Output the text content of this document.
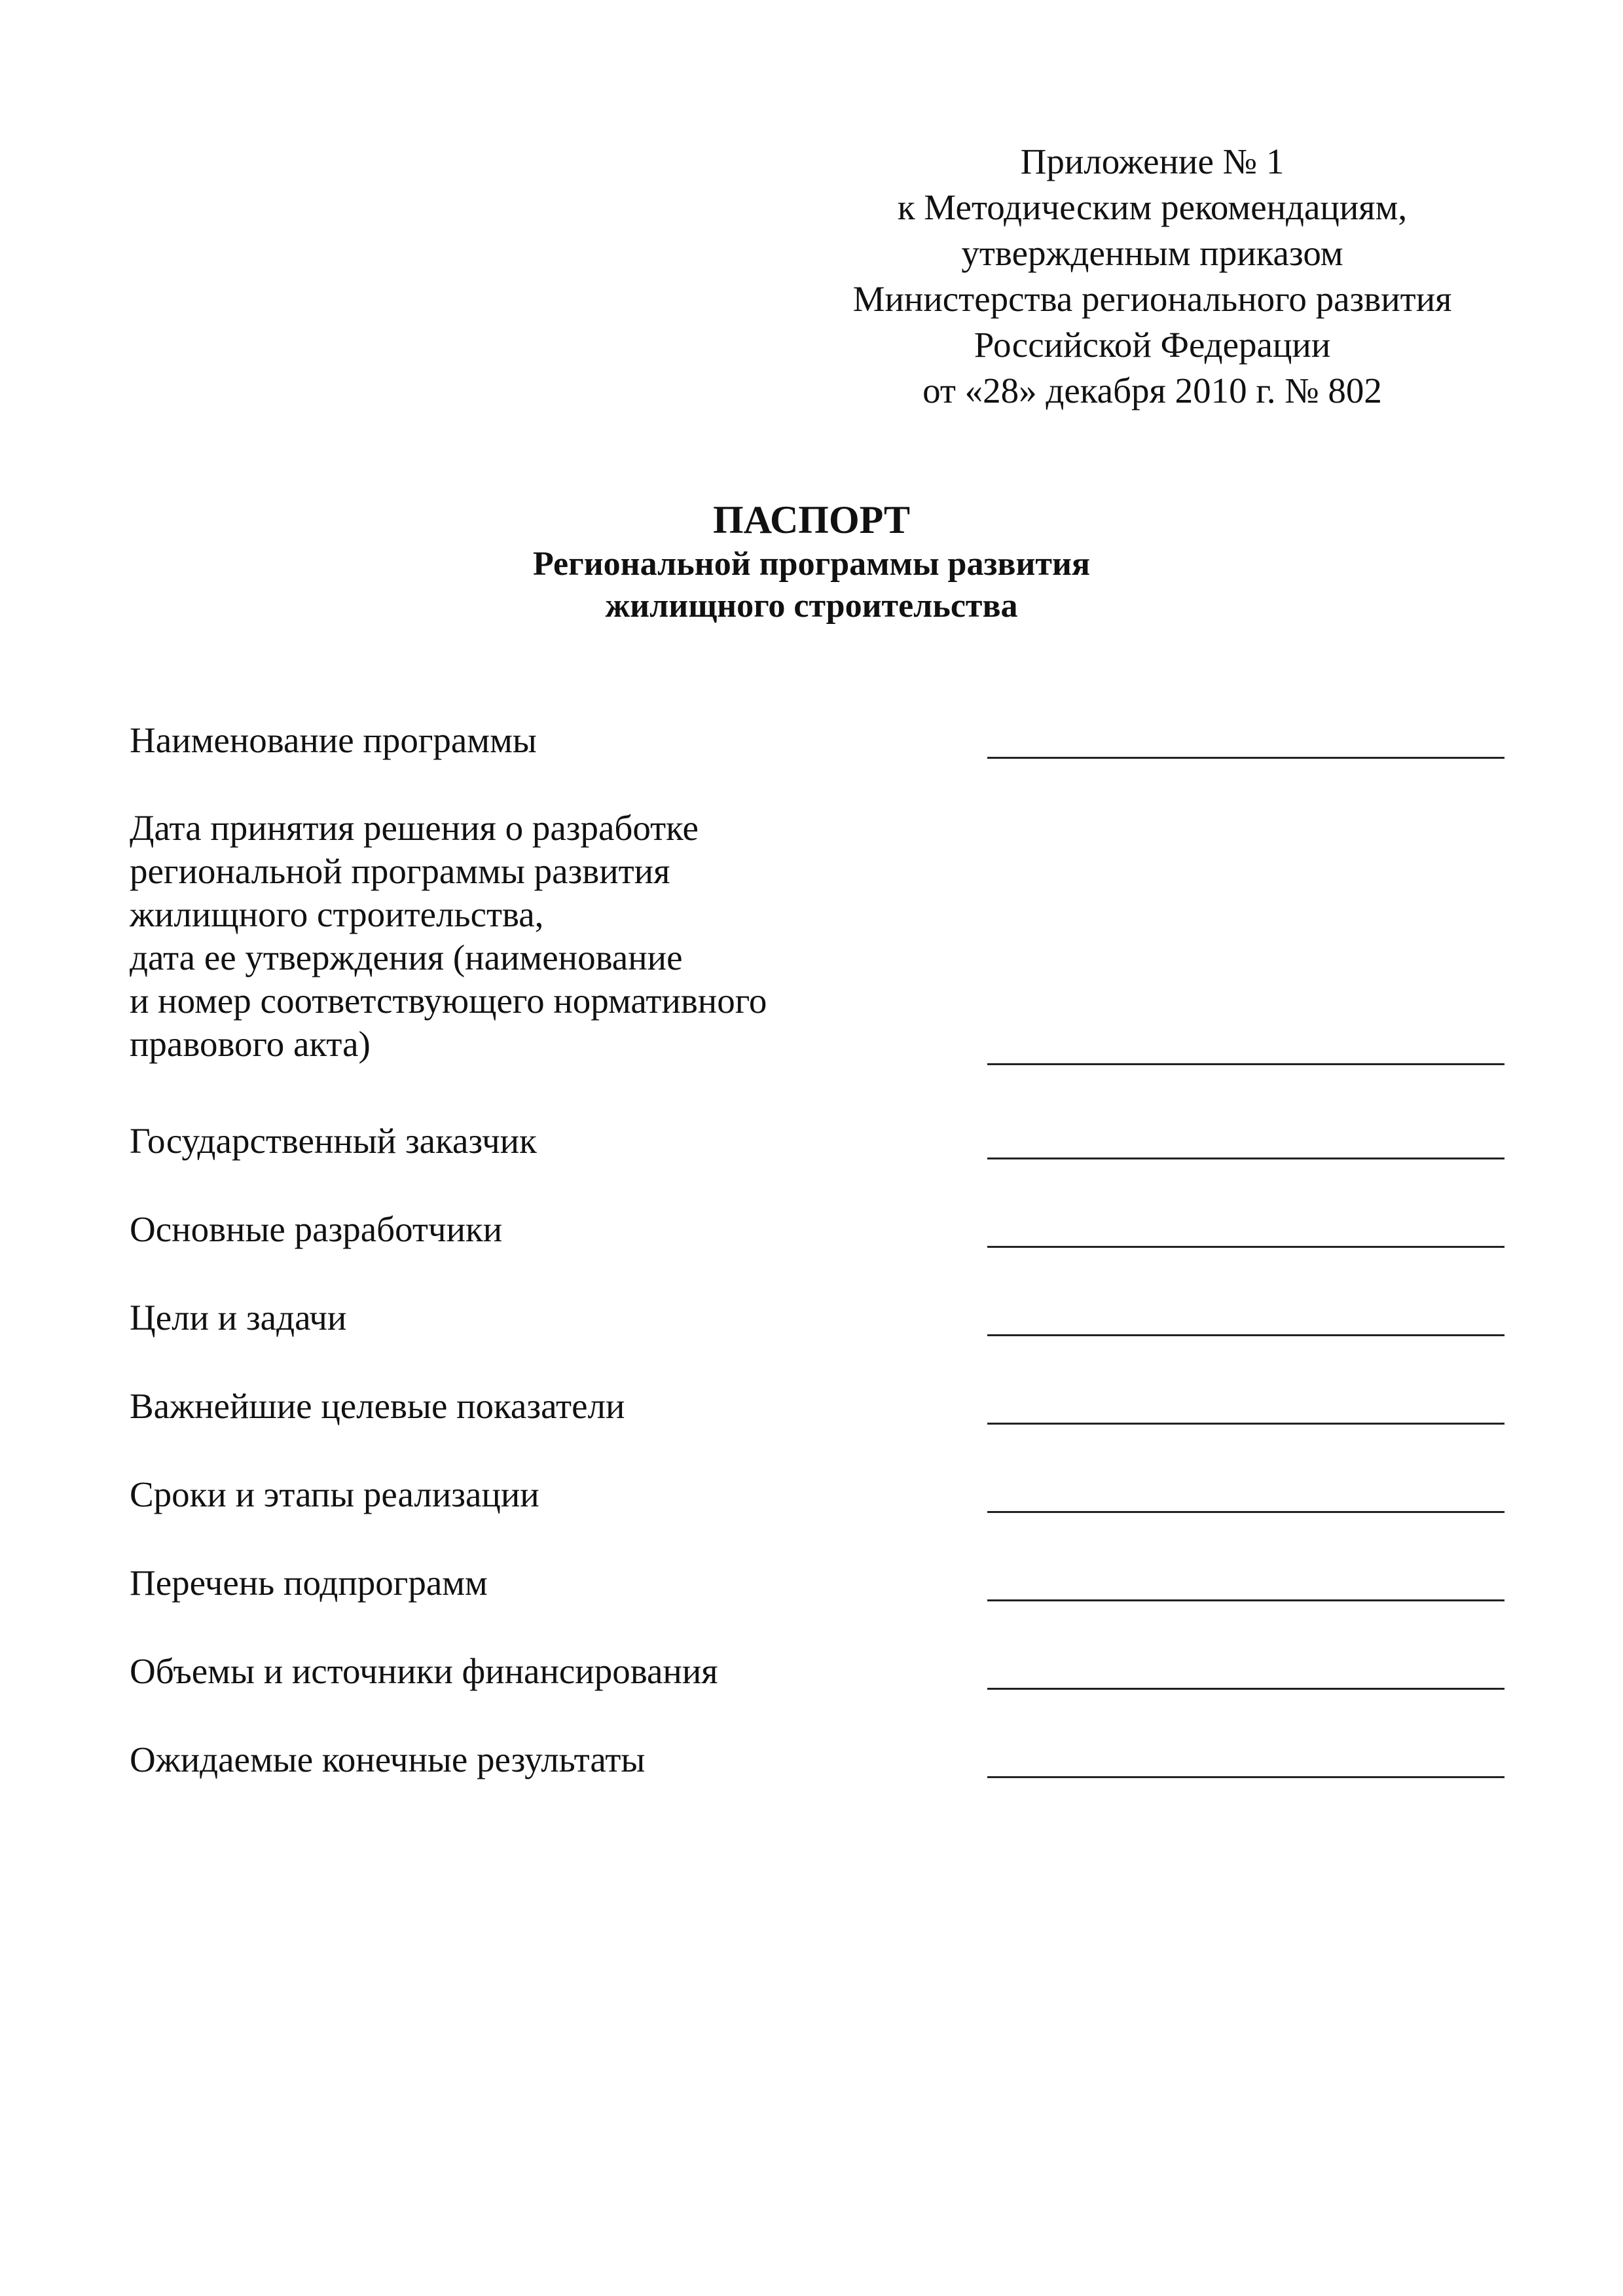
Приложение № 1
к Методическим рекомендациям,
утвержденным приказом
Министерства регионального развития
Российской Федерации
от «28» декабря 2010 г. № 802
ПАСПОРТ
Региональной программы развития
жилищного строительства
Наименование программы
Дата принятия решения о разработке
региональной программы развития
жилищного строительства,
дата ее утверждения (наименование
и номер соответствующего нормативного
правового акта)
Государственный заказчик
Основные разработчики
Цели и задачи
Важнейшие целевые показатели
Сроки и этапы реализации
Перечень подпрограмм
Объемы и источники финансирования
Ожидаемые конечные результаты
